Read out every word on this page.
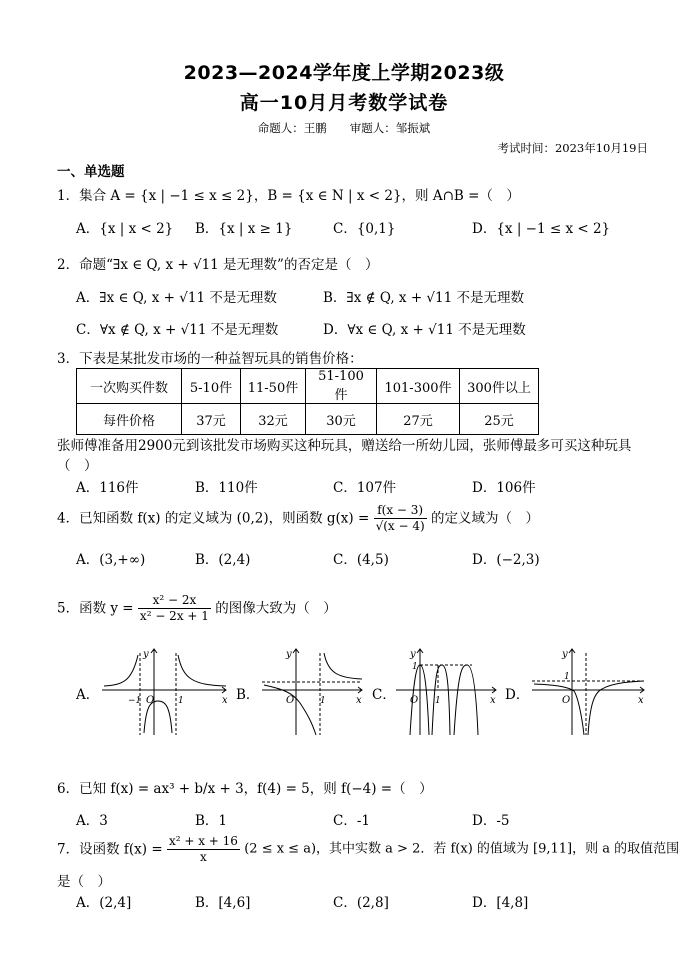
2023—2024学年度上学期2023级
高一10月月考数学试卷
命题人：王鹏　　审题人：邹振斌
考试时间：2023年10月19日
一、单选题
1．集合 A = {x | −1 ≤ x ≤ 2}，B = {x ∈ N | x < 2}，则 A∩B =（　）
A．{x | x < 2} B．{x | x ≥ 1}	C．{0,1}	D．{x | −1 ≤ x < 2}
2．命题“∃x ∈ Q, x + √11 是无理数”的否定是（　）
A．∃x ∈ Q, x + √11 不是无理数	B．∃x ∉ Q, x + √11 不是无理数
C．∀x ∉ Q, x + √11 不是无理数	D．∀x ∈ Q, x + √11 不是无理数
3．下表是某批发市场的一种益智玩具的销售价格：
一次购买件数	5-10件	11-50件	51-100件	101-300件	300件以上
每件价格	37元	32元	30元	27元	25元
张师傅准备用2900元到该批发市场购买这种玩具，赠送给一所幼儿园，张师傅最多可买这种玩具
（　）
A．116件	B．110件	C．107件	D．106件
4．已知函数 f(x) 的定义域为 (0,2)，则函数 $g(x) = \frac{f(x - 3)}{√(x - 4)}$ 的定义域为（　）
A．(3,+∞)	B．(2,4)	C．(4,5)	D．(−2,3)
5．函数 $y = \frac{\text{x² − 2x}}{\text{x² − 2x + 1}}$ 的图像大致为（　）
A．	B．	C．	D．
y
x
O
−1	1
y
x
O	1
y
x
O
1
1
y
x
O
1
6．已知 f(x) = ax³ + b/x + 3，f(4) = 5，则 f(−4) =（　）
A．3	B．1	C．-1	D．-5
7．设函数 $f(x) = \frac{\text{x² + x + 16}}{x} (2 \le x \le a)$，其中实数 a > 2．若 f(x) 的值域为 [9,11]，则 a 的取值范围
是（　）
A．(2,4]	B．[4,6]	C．(2,8]	D．[4,8]
